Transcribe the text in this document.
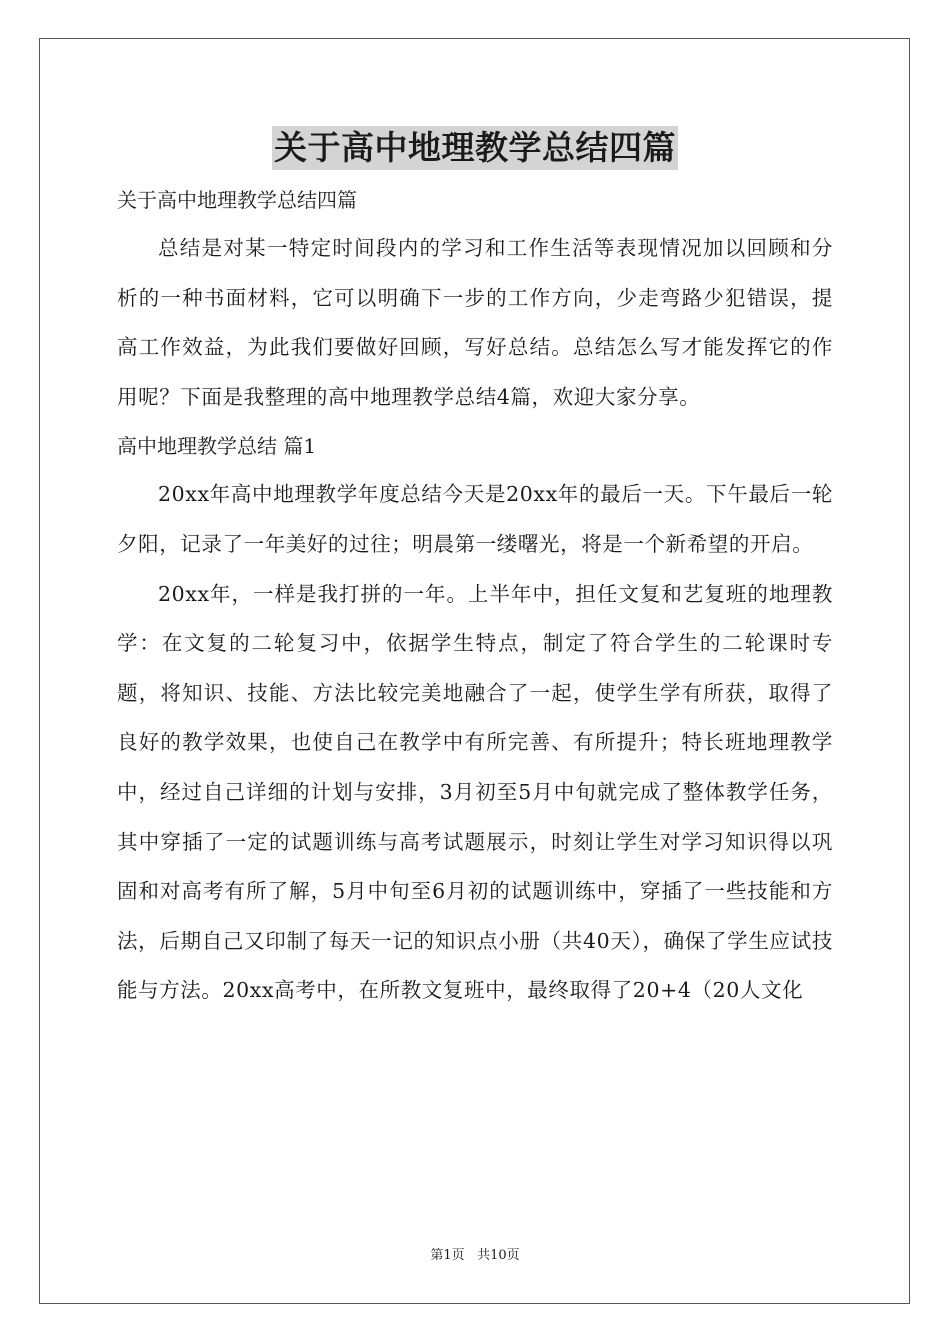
关于高中地理教学总结四篇
关于高中地理教学总结四篇

总结是对某一特定时间段内的学习和工作生活等表现情况加以回顾和分析的一种书面材料，它可以明确下一步的工作方向，少走弯路少犯错误，提高工作效益，为此我们要做好回顾，写好总结。总结怎么写才能发挥它的作用呢？下面是我整理的高中地理教学总结4篇，欢迎大家分享。

高中地理教学总结 篇1

20xx年高中地理教学年度总结今天是20xx年的最后一天。下午最后一轮夕阳，记录了一年美好的过往；明晨第一缕曙光，将是一个新希望的开启。

20xx年，一样是我打拼的一年。上半年中，担任文复和艺复班的地理教学：在文复的二轮复习中，依据学生特点，制定了符合学生的二轮课时专题，将知识、技能、方法比较完美地融合了一起，使学生学有所获，取得了良好的教学效果，也使自己在教学中有所完善、有所提升；特长班地理教学中，经过自己详细的计划与安排，3月初至5月中旬就完成了整体教学任务，其中穿插了一定的试题训练与高考试题展示，时刻让学生对学习知识得以巩固和对高考有所了解，5月中旬至6月初的试题训练中，穿插了一些技能和方法，后期自己又印制了每天一记的知识点小册（共40天），确保了学生应试技能与方法。20xx高考中，在所教文复班中，最终取得了20+4（20人文化

第1页 共10页
